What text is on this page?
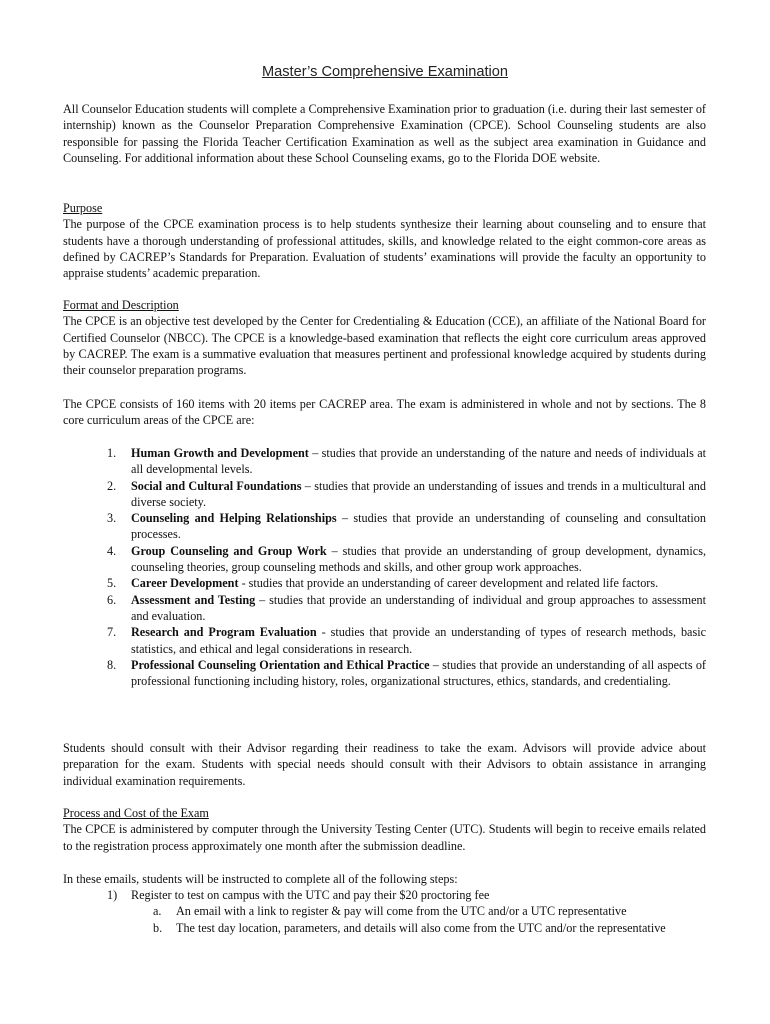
Master’s Comprehensive Examination
All Counselor Education students will complete a Comprehensive Examination prior to graduation (i.e. during their last semester of internship) known as the Counselor Preparation Comprehensive Examination (CPCE). School Counseling students are also responsible for passing the Florida Teacher Certification Examination as well as the subject area examination in Guidance and Counseling. For additional information about these School Counseling exams, go to the Florida DOE website.
Purpose

The purpose of the CPCE examination process is to help students synthesize their learning about counseling and to ensure that students have a thorough understanding of professional attitudes, skills, and knowledge related to the eight common-core areas as defined by CACREP’s Standards for Preparation. Evaluation of students’ examinations will provide the faculty an opportunity to appraise students’ academic preparation.

Format and Description

The CPCE is an objective test developed by the Center for Credentialing & Education (CCE), an affiliate of the National Board for Certified Counselor (NBCC). The CPCE is a knowledge-based examination that reflects the eight core curriculum areas approved by CACREP. The exam is a summative evaluation that measures pertinent and professional knowledge acquired by students during their counselor preparation programs.

The CPCE consists of 160 items with 20 items per CACREP area. The exam is administered in whole and not by sections. The 8 core curriculum areas of the CPCE are:
1. Human Growth and Development – studies that provide an understanding of the nature and needs of individuals at all developmental levels.
2. Social and Cultural Foundations – studies that provide an understanding of issues and trends in a multicultural and diverse society.
3. Counseling and Helping Relationships – studies that provide an understanding of counseling and consultation processes.
4. Group Counseling and Group Work – studies that provide an understanding of group development, dynamics, counseling theories, group counseling methods and skills, and other group work approaches.
5. Career Development - studies that provide an understanding of career development and related life factors.
6. Assessment and Testing – studies that provide an understanding of individual and group approaches to assessment and evaluation.
7. Research and Program Evaluation - studies that provide an understanding of types of research methods, basic statistics, and ethical and legal considerations in research.
8. Professional Counseling Orientation and Ethical Practice – studies that provide an understanding of all aspects of professional functioning including history, roles, organizational structures, ethics, standards, and credentialing.
Students should consult with their Advisor regarding their readiness to take the exam. Advisors will provide advice about preparation for the exam. Students with special needs should consult with their Advisors to obtain assistance in arranging individual examination requirements.
Process and Cost of the Exam

The CPCE is administered by computer through the University Testing Center (UTC). Students will begin to receive emails related to the registration process approximately one month after the submission deadline.

In these emails, students will be instructed to complete all of the following steps:
1) Register to test on campus with the UTC and pay their $20 proctoring fee
a. An email with a link to register & pay will come from the UTC and/or a UTC representative
b. The test day location, parameters, and details will also come from the UTC and/or the representative
